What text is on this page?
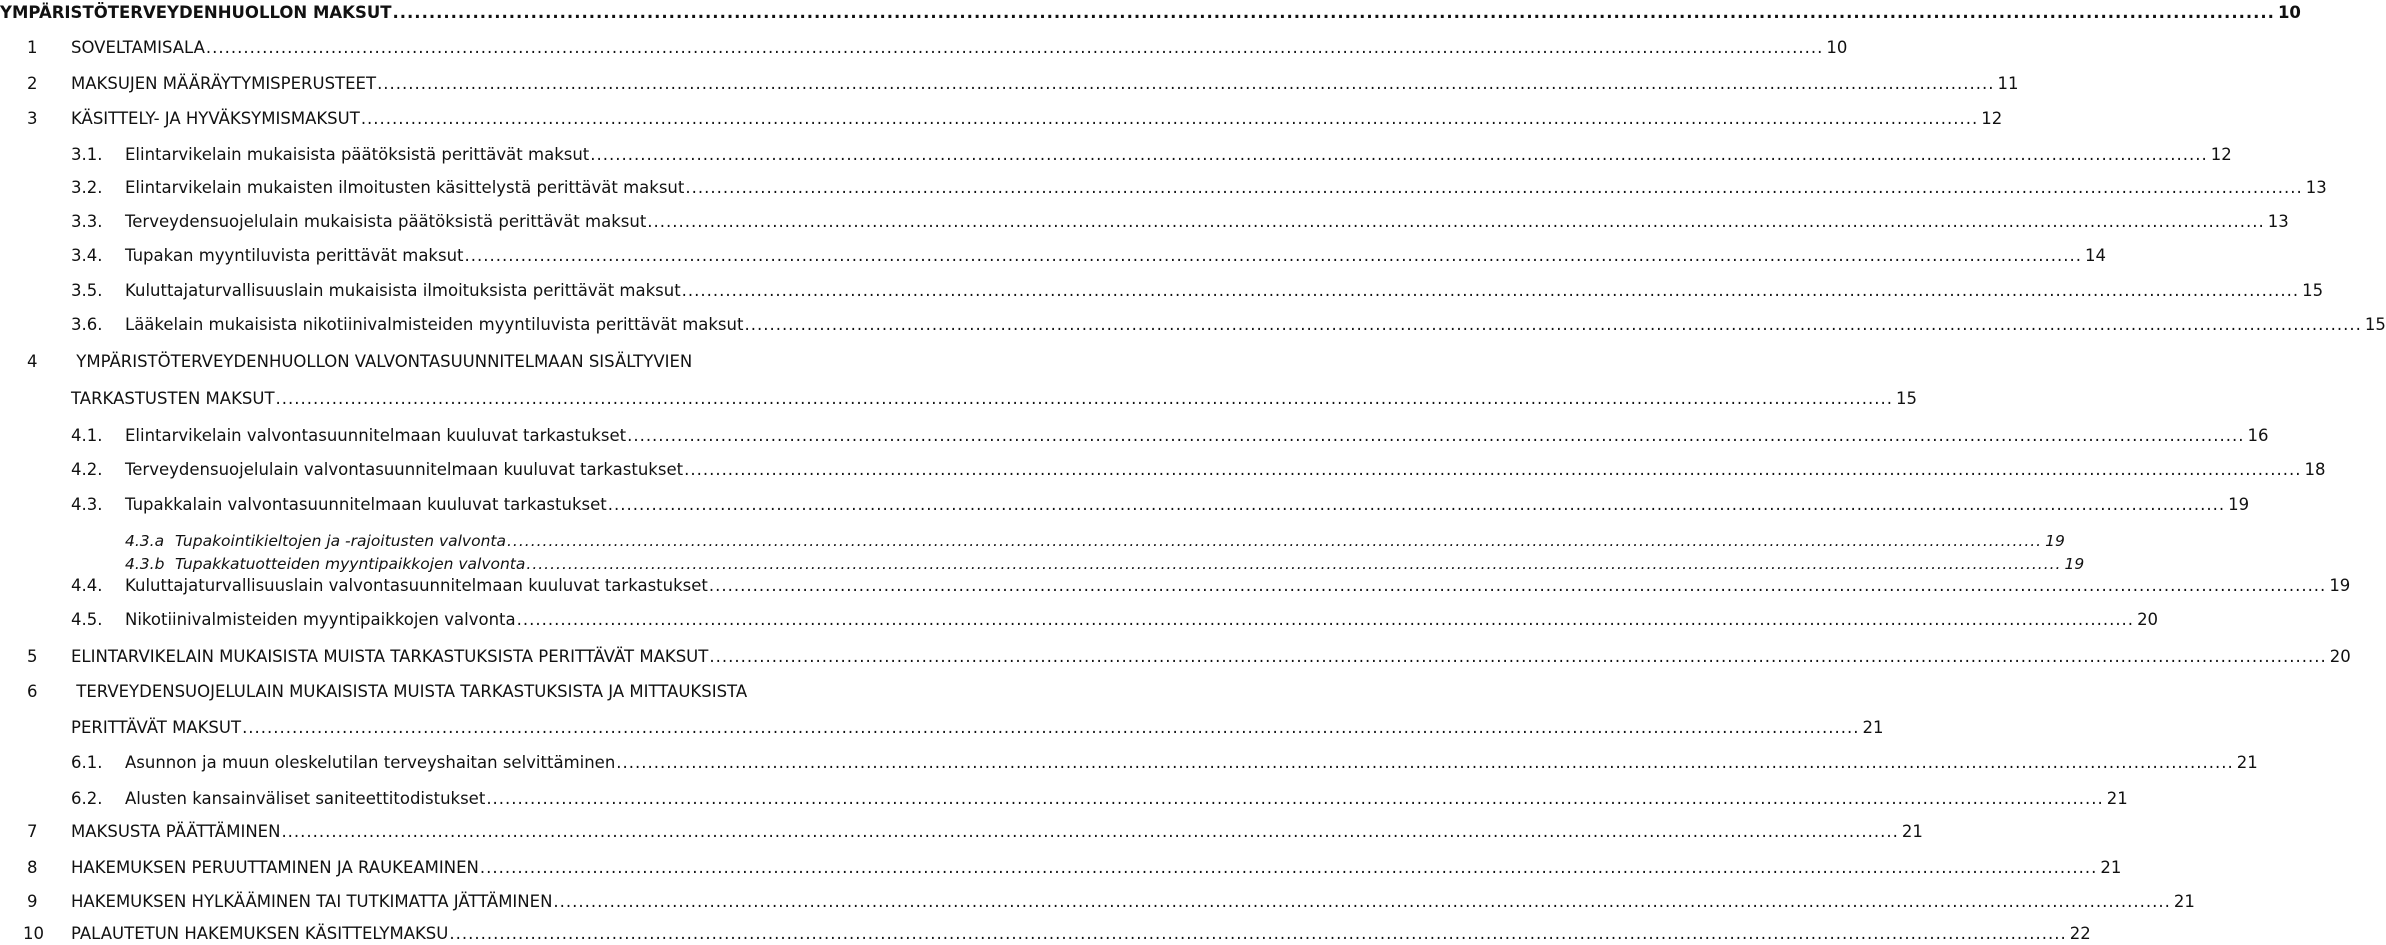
YMPÄRISTÖTERVEYDENHUOLLON MAKSUT .....	10
1	SOVELTAMISALA .....	10
2	MAKSUJEN MÄÄRÄYTYMISPERUSTEET .....	11
3	KÄSITTELY- JA HYVÄKSYMISMAKSUT .....	12
3.1.	Elintarvikelain mukaisista päätöksistä perittävät maksut .....	12
3.2.	Elintarvikelain mukaisten ilmoitusten käsittelystä perittävät maksut .....	13
3.3.	Terveydensuojelulain mukaisista päätöksistä perittävät maksut .....	13
3.4.	Tupakan myyntiluvista perittävät maksut .....	14
3.5.	Kuluttajaturvallisuuslain mukaisista ilmoituksista perittävät maksut .....	15
3.6.	Lääkelain mukaisista nikotiinivalmisteiden myyntiluvista perittävät maksut .....	15
4 YMPÄRISTÖTERVEYDENHUOLLON VALVONTASUUNNITELMAAN SISÄLTYVIEN
TARKASTUSTEN MAKSUT .....	15
4.1.	Elintarvikelain valvontasuunnitelmaan kuuluvat tarkastukset .....	16
4.2.	Terveydensuojelulain valvontasuunnitelmaan kuuluvat tarkastukset .....	18
4.3.	Tupakkalain valvontasuunnitelmaan kuuluvat tarkastukset .....	19
4.3.a Tupakointikieltojen ja -rajoitusten valvonta .....	19
4.3.b Tupakkatuotteiden myyntipaikkojen valvonta .....	19
4.4.	Kuluttajaturvallisuuslain valvontasuunnitelmaan kuuluvat tarkastukset .....	19
4.5.	Nikotiinivalmisteiden myyntipaikkojen valvonta .....	20
5	ELINTARVIKELAIN MUKAISISTA MUISTA TARKASTUKSISTA PERITTÄVÄT MAKSUT .....	20
6 TERVEYDENSUOJELULAIN MUKAISISTA MUISTA TARKASTUKSISTA JA MITTAUKSISTA
PERITTÄVÄT MAKSUT .....	21
6.1.	Asunnon ja muun oleskelutilan terveyshaitan selvittäminen .....	21
6.2.	Alusten kansainväliset saniteettitodistukset .....	21
7	MAKSUSTA PÄÄTTÄMINEN .....	21
8	HAKEMUKSEN PERUUTTAMINEN JA RAUKEAMINEN .....	21
9	HAKEMUKSEN HYLKÄÄMINEN TAI TUTKIMATTA JÄTTÄMINEN .....	21
10	PALAUTETUN HAKEMUKSEN KÄSITTELYMAKSU .....	22
